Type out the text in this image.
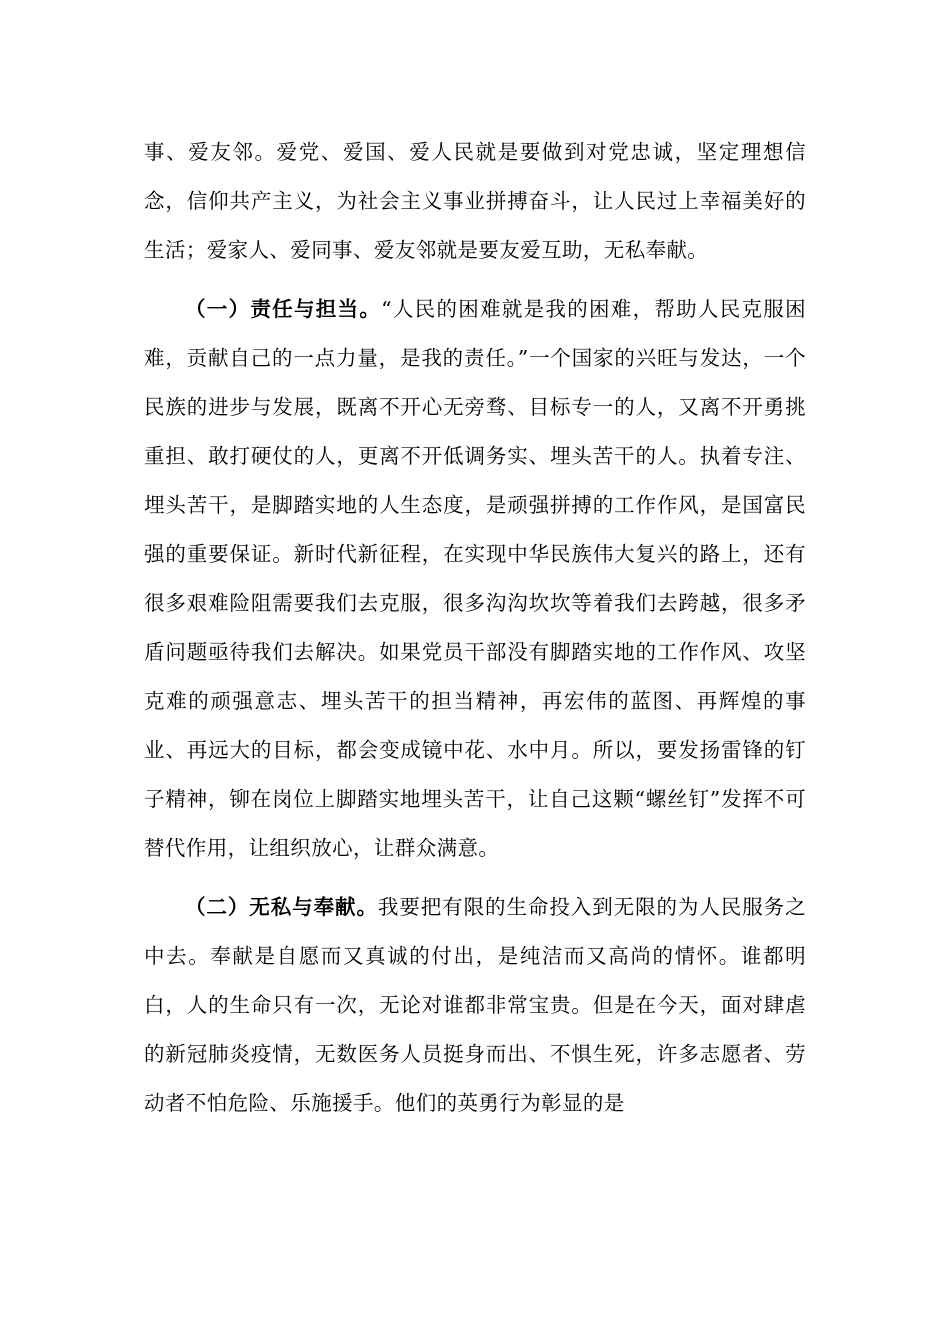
事、爱友邻。爱党、爱国、爱人民就是要做到对党忠诚，坚定理想信念，信仰共产主义，为社会主义事业拼搏奋斗，让人民过上幸福美好的生活；爱家人、爱同事、爱友邻就是要友爱互助，无私奉献。

（一）责任与担当。“人民的困难就是我的困难，帮助人民克服困难，贡献自己的一点力量，是我的责任。”一个国家的兴旺与发达，一个民族的进步与发展，既离不开心无旁骛、目标专一的人，又离不开勇挑重担、敢打硬仗的人，更离不开低调务实、埋头苦干的人。执着专注、埋头苦干，是脚踏实地的人生态度，是顽强拼搏的工作作风，是国富民强的重要保证。新时代新征程，在实现中华民族伟大复兴的路上，还有很多艰难险阻需要我们去克服，很多沟沟坎坎等着我们去跨越，很多矛盾问题亟待我们去解决。如果党员干部没有脚踏实地的工作作风、攻坚克难的顽强意志、埋头苦干的担当精神，再宏伟的蓝图、再辉煌的事业、再远大的目标，都会变成镜中花、水中月。所以，要发扬雷锋的钉子精神，铆在岗位上脚踏实地埋头苦干，让自己这颗“螺丝钉”发挥不可替代作用，让组织放心，让群众满意。

（二）无私与奉献。我要把有限的生命投入到无限的为人民服务之中去。奉献是自愿而又真诚的付出，是纯洁而又高尚的情怀。谁都明白，人的生命只有一次，无论对谁都非常宝贵。但是在今天，面对肆虐的新冠肺炎疫情，无数医务人员挺身而出、不惧生死，许多志愿者、劳动者不怕危险、乐施援手。他们的英勇行为彰显的是
